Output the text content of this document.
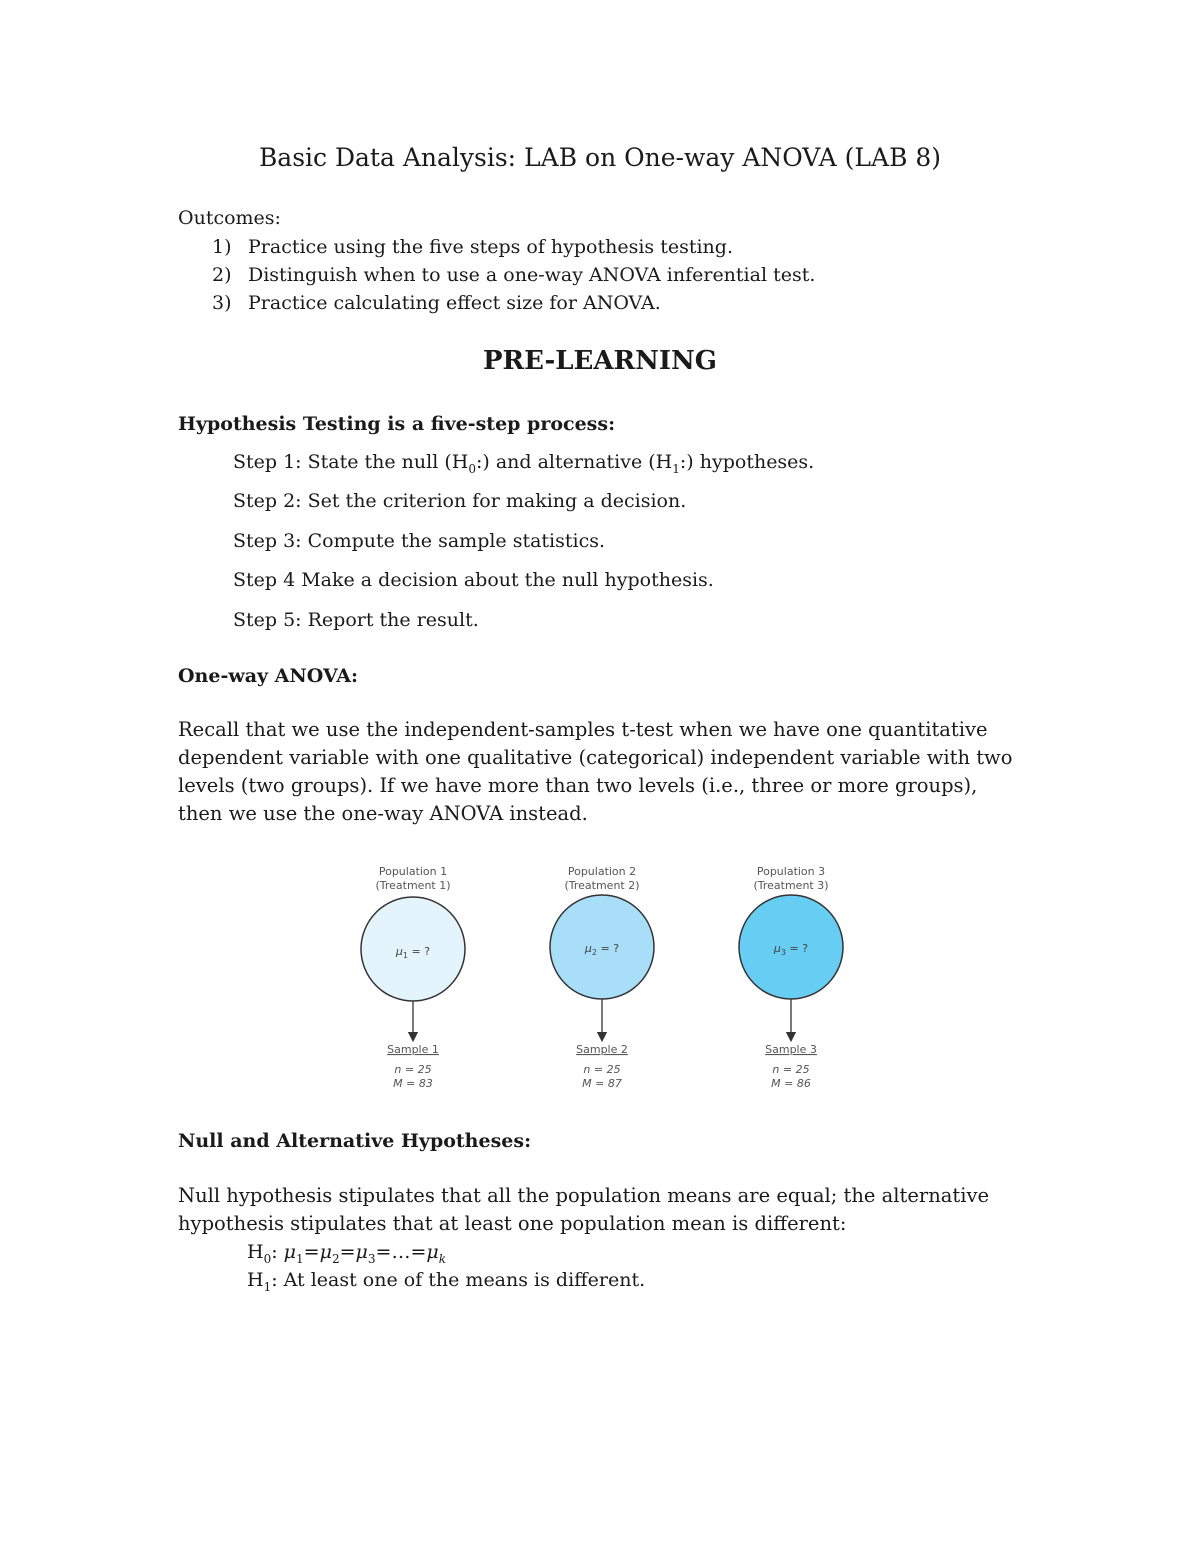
Basic Data Analysis: LAB on One-way ANOVA (LAB 8)
Outcomes:
1) Practice using the five steps of hypothesis testing.
2) Distinguish when to use a one-way ANOVA inferential test.
3) Practice calculating effect size for ANOVA.
PRE-LEARNING
Hypothesis Testing is a five-step process:
Step 1: State the null $(H_0:)$ and alternative $(H_1:)$ hypotheses.
Step 2: Set the criterion for making a decision.
Step 3: Compute the sample statistics.
Step 4 Make a decision about the null hypothesis.
Step 5: Report the result.
One-way ANOVA:
Recall that we use the independent-samples t-test when we have one quantitative dependent variable with one qualitative (categorical) independent variable with two levels (two groups). If we have more than two levels (i.e., three or more groups), then we use the one-way ANOVA instead.
Population 1
(Treatment 1)
$\mu_1$ = ?
Sample 1
n = 25
M = 83
Population 2
(Treatment 2)
$\mu_2$ = ?
Sample 2
n = 25
M = 87
Population 3
(Treatment 3)
$\mu_3$ = ?
Sample 3
n = 25
M = 86
Null and Alternative Hypotheses:
Null hypothesis stipulates that all the population means are equal; the alternative hypothesis stipulates that at least one population mean is different:
$H_0$: $\mu_1=\mu_2=\mu_3=\dots=\mu_k$
$H_1$: At least one of the means is different.
